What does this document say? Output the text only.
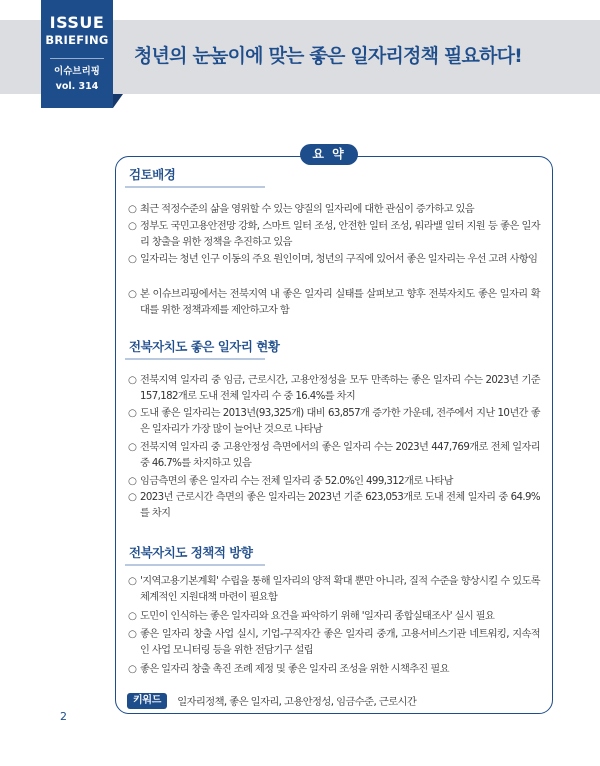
ISSUE
BRIEFING
이슈브리핑
vol. 314
청년의 눈높이에 맞는 좋은 일자리정책 필요하다!
요 약
검토배경
○ 최근 적정수준의 삶을 영위할 수 있는 양질의 일자리에 대한 관심이 증가하고 있음
○ 정부도 국민고용안전망 강화, 스마트 일터 조성, 안전한 일터 조성, 워라밸 일터 지원 등 좋은 일자리 창출을 위한 정책을 추진하고 있음
○ 일자리는 청년 인구 이동의 주요 원인이며, 청년의 구직에 있어서 좋은 일자리는 우선 고려 사항임
○ 본 이슈브리핑에서는 전북지역 내 좋은 일자리 실태를 살펴보고 향후 전북자치도 좋은 일자리 확대를 위한 정책과제를 제안하고자 함
전북자치도 좋은 일자리 현황
○ 전북지역 일자리 중 임금, 근로시간, 고용안정성을 모두 만족하는 좋은 일자리 수는 2023년 기준 157,182개로 도내 전체 일자리 수 중 16.4%를 차지
○ 도내 좋은 일자리는 2013년(93,325개) 대비 63,857개 증가한 가운데, 전주에서 지난 10년간 좋은 일자리가 가장 많이 늘어난 것으로 나타남
○ 전북지역 일자리 중 고용안정성 측면에서의 좋은 일자리 수는 2023년 447,769개로 전체 일자리 중 46.7%를 차지하고 있음
○ 임금측면의 좋은 일자리 수는 전체 일자리 중 52.0%인 499,312개로 나타남
○ 2023년 근로시간 측면의 좋은 일자리는 2023년 기준 623,053개로 도내 전체 일자리 중 64.9%를 차지
전북자치도 정책적 방향
○ '지역고용기본계획' 수립을 통해 일자리의 양적 확대 뿐만 아니라, 질적 수준을 향상시킬 수 있도록 체계적인 지원대책 마련이 필요함
○ 도민이 인식하는 좋은 일자리와 요건을 파악하기 위해 '일자리 종합실태조사' 실시 필요
○ 좋은 일자리 창출 사업 실시, 기업-구직자간 좋은 일자리 중개, 고용서비스기관 네트워킹, 지속적인 사업 모니터링 등을 위한 전담기구 설립
○ 좋은 일자리 창출 촉진 조례 제정 및 좋은 일자리 조성을 위한 시책추진 필요
키워드 일자리정책, 좋은 일자리, 고용안정성, 임금수준, 근로시간
2
